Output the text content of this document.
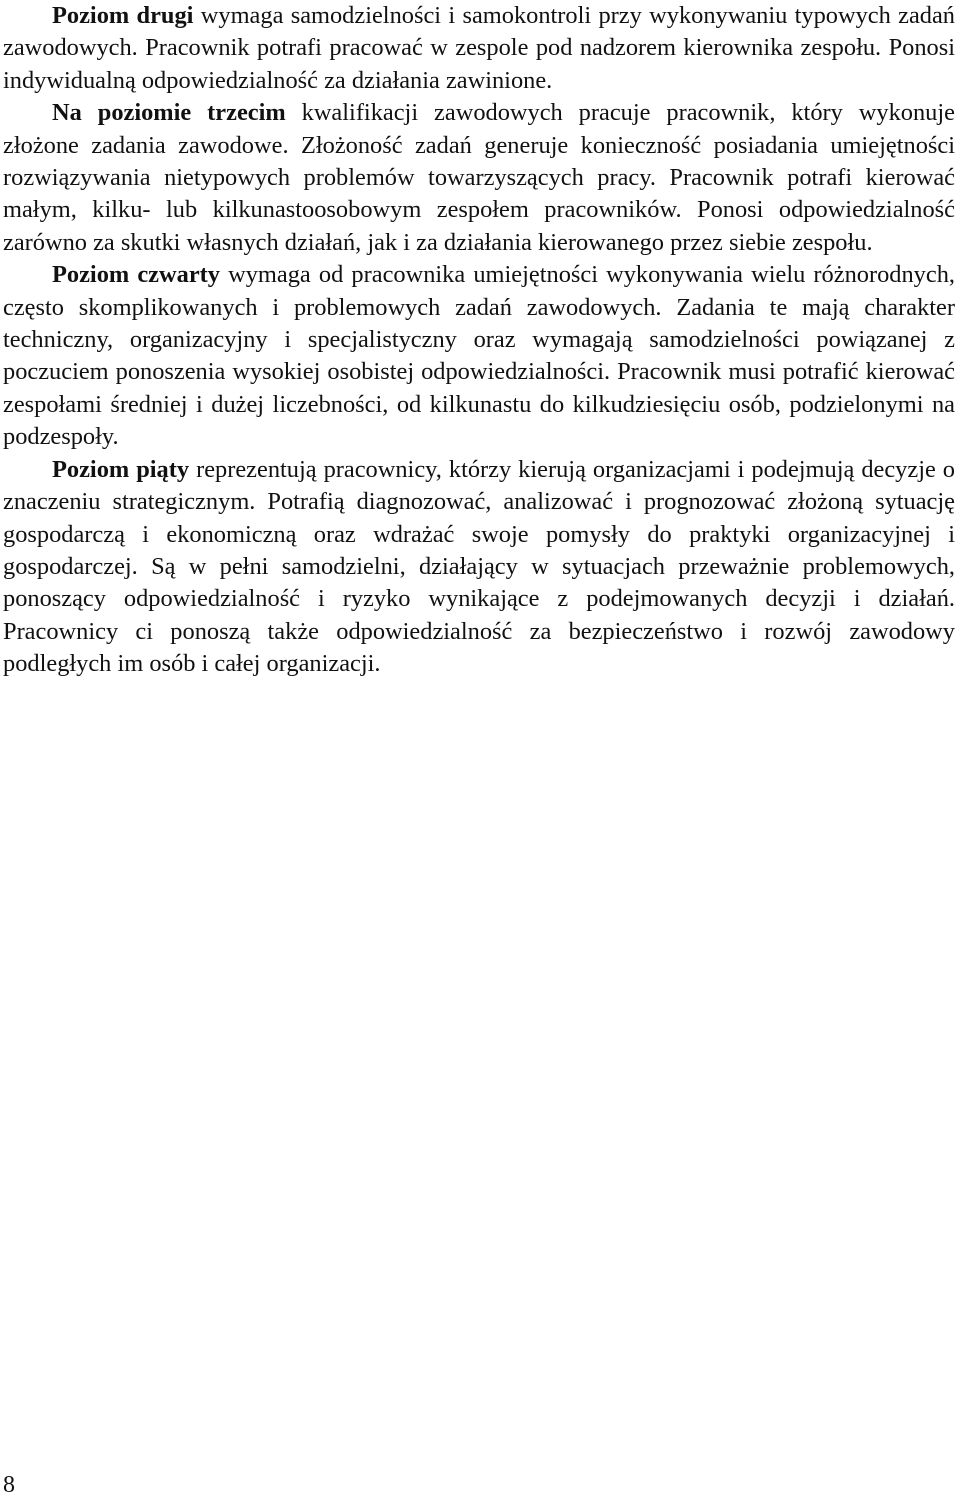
Poziom drugi wymaga samodzielności i samokontroli przy wykonywaniu typowych zadań zawodowych. Pracownik potrafi pracować w zespole pod nadzorem kierownika zespołu. Ponosi indywidualną odpowiedzialność za działania zawinione.

Na poziomie trzecim kwalifikacji zawodowych pracuje pracownik, który wykonuje złożone zadania zawodowe. Złożoność zadań generuje konieczność posiadania umiejętności rozwiązywania nietypowych problemów towarzyszących pracy. Pracownik potrafi kierować małym, kilku- lub kilkunastoosobowym zespołem pracowników. Ponosi odpowiedzialność zarówno za skutki własnych działań, jak i za działania kierowanego przez siebie zespołu.

Poziom czwarty wymaga od pracownika umiejętności wykonywania wielu różnorodnych, często skomplikowanych i problemowych zadań zawodowych. Zadania te mają charakter techniczny, organizacyjny i specjalistyczny oraz wymagają samodzielności powiązanej z poczuciem ponoszenia wysokiej osobistej odpowiedzialności. Pracownik musi potrafić kierować zespołami średniej i dużej liczebności, od kilkunastu do kilkudziesięciu osób, podzielonymi na podzespoły.

Poziom piąty reprezentują pracownicy, którzy kierują organizacjami i podejmują decyzje o znaczeniu strategicznym. Potrafią diagnozować, analizować i prognozować złożoną sytuację gospodarczą i ekonomiczną oraz wdrażać swoje pomysły do praktyki organizacyjnej i gospodarczej. Są w pełni samodzielni, działający w sytuacjach przeważnie problemowych, ponoszący odpowiedzialność i ryzyko wynikające z podejmowanych decyzji i działań. Pracownicy ci ponoszą także odpowiedzialność za bezpieczeństwo i rozwój zawodowy podległych im osób i całej organizacji.

8
